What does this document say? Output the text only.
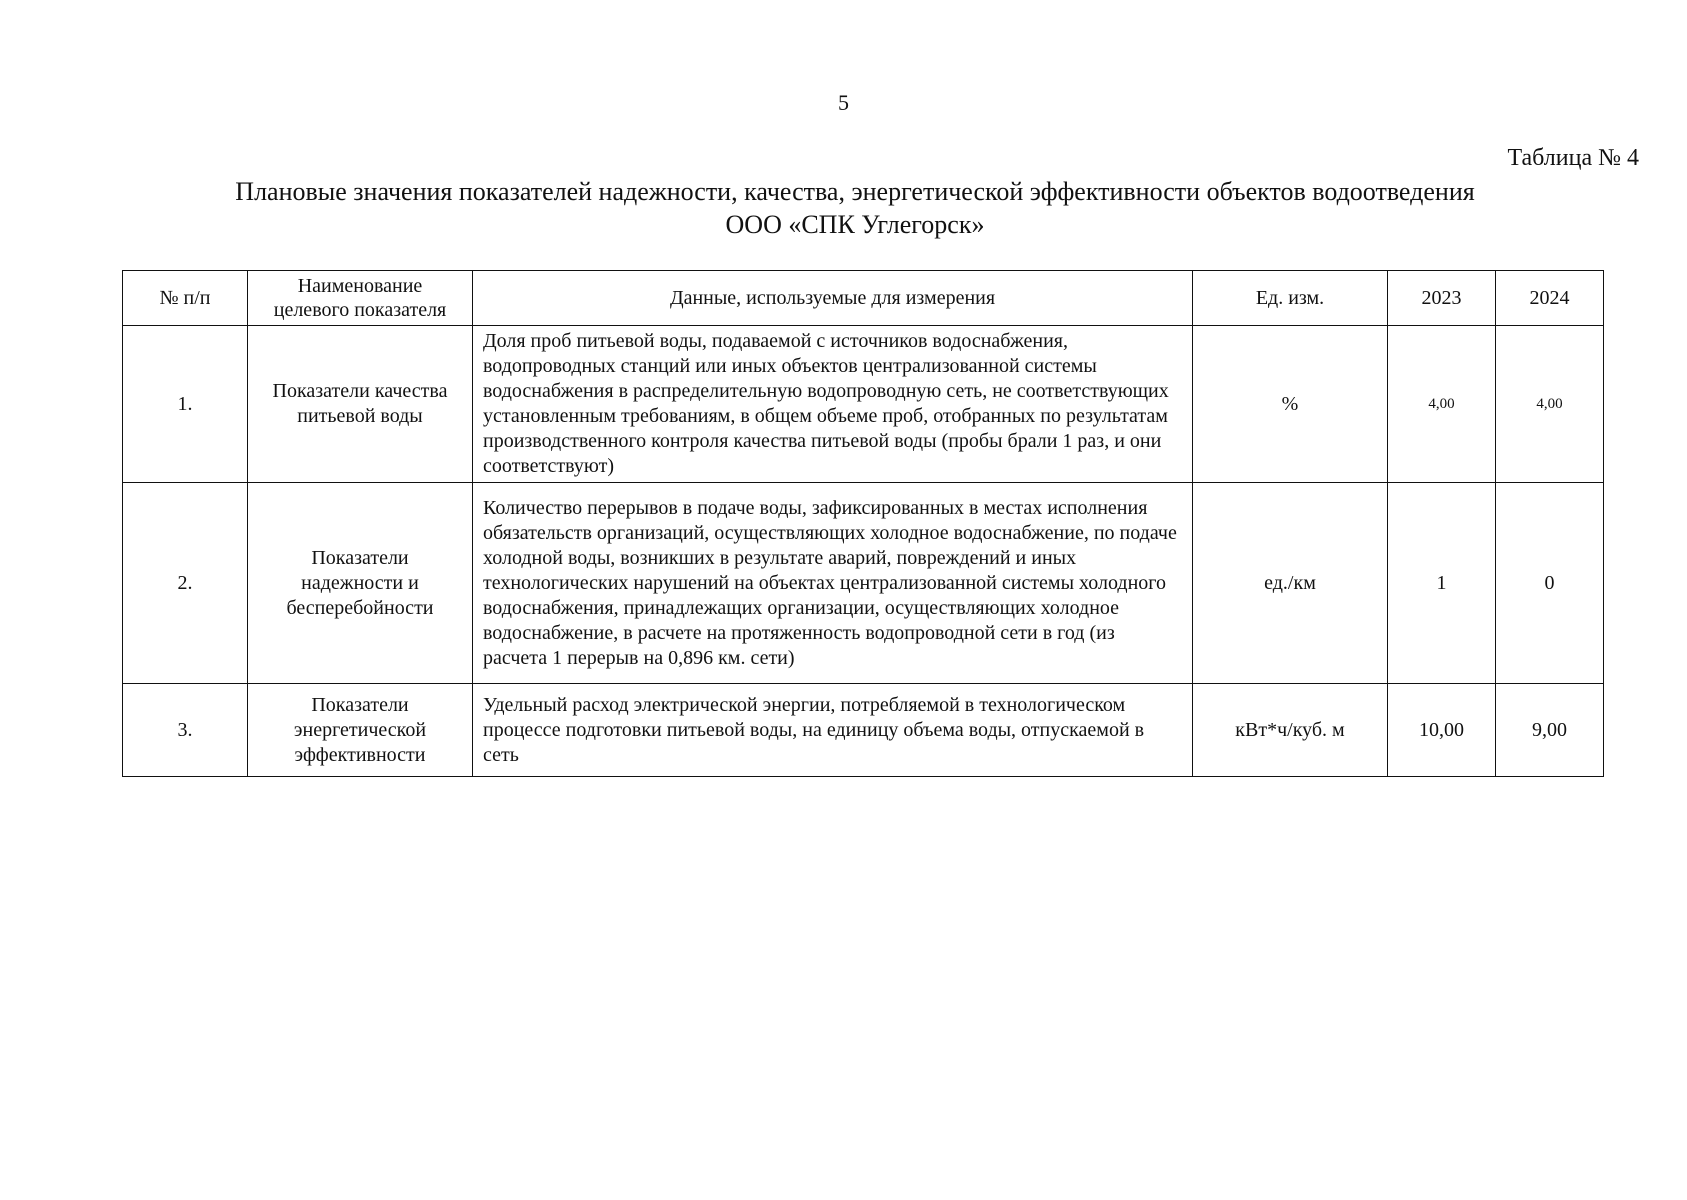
5
Таблица № 4
Плановые значения показателей надежности, качества, энергетической эффективности объектов водоотведения
ООО «СПК Углегорск»
№ п/п	Наименование целевого показателя	Данные, используемые для измерения	Ед. изм.	2023	2024
1.	Показатели качества питьевой воды	Доля проб питьевой воды, подаваемой с источников водоснабжения, водопроводных станций или иных объектов централизованной системы водоснабжения в распределительную водопроводную сеть, не соответствующих установленным требованиям, в общем объеме проб, отобранных по результатам производственного контроля качества питьевой воды (пробы брали 1 раз, и они соответствуют)	%	4,00	4,00
2.	Показатели надежности и бесперебойности	Количество перерывов в подаче воды, зафиксированных в местах исполнения обязательств организаций, осуществляющих холодное водоснабжение, по подаче холодной воды, возникших в результате аварий, повреждений и иных технологических нарушений на объектах централизованной системы холодного водоснабжения, принадлежащих организации, осуществляющих холодное водоснабжение, в расчете на протяженность водопроводной сети в год (из расчета 1 перерыв на 0,896 км. сети)	ед./км	1	0
3.	Показатели энергетической эффективности	Удельный расход электрической энергии, потребляемой в технологическом процессе подготовки питьевой воды, на единицу объема воды, отпускаемой в сеть	кВт*ч/куб. м	10,00	9,00
